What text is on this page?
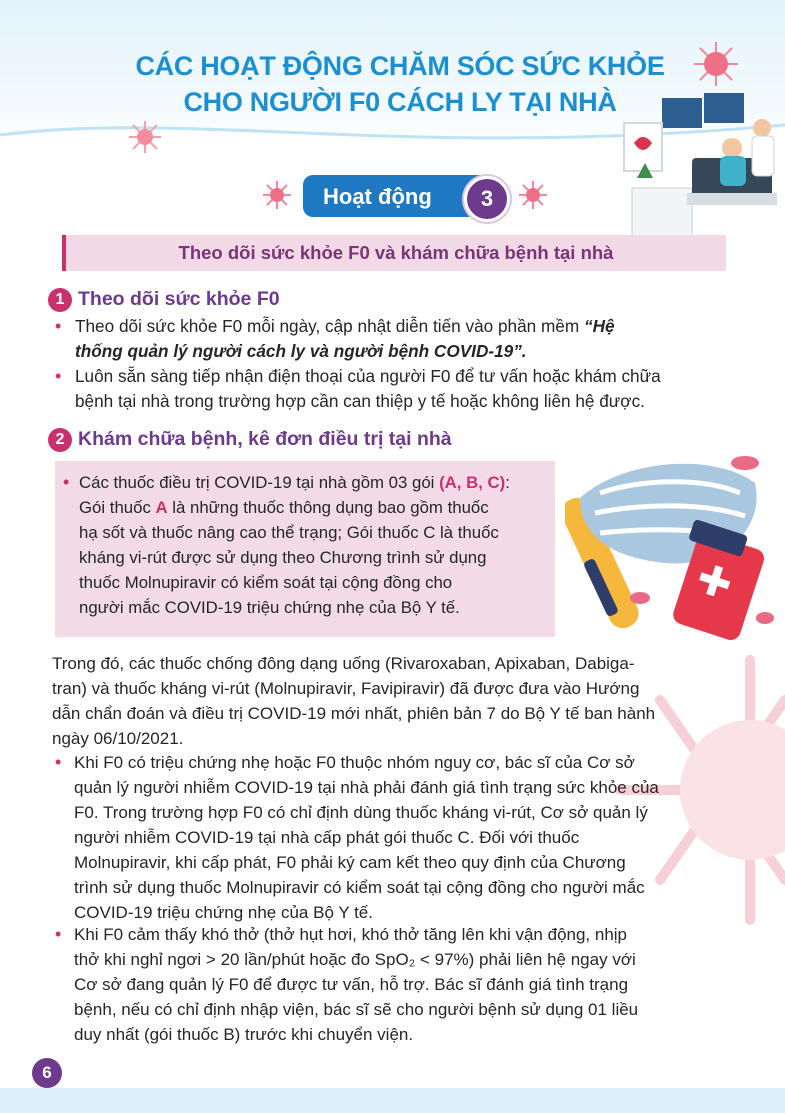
CÁC HOẠT ĐỘNG CHĂM SÓC SỨC KHỎE
CHO NGƯỜI F0 CÁCH LY TẠI NHÀ
Hoạt động	3
Theo dõi sức khỏe F0 và khám chữa bệnh tại nhà
1 Theo dõi sức khỏe F0
• Theo dõi sức khỏe F0 mỗi ngày, cập nhật diễn tiến vào phần mềm “Hệ
thống quản lý người cách ly và người bệnh COVID-19”.
• Luôn sẵn sàng tiếp nhận điện thoại của người F0 để tư vấn hoặc khám chữa
bệnh tại nhà trong trường hợp cần can thiệp y tế hoặc không liên hệ được.
2 Khám chữa bệnh, kê đơn điều trị tại nhà
• Các thuốc điều trị COVID-19 tại nhà gồm 03 gói (A, B, C):
Gói thuốc A là những thuốc thông dụng bao gồm thuốc
hạ sốt và thuốc nâng cao thể trạng; Gói thuốc C là thuốc
kháng vi-rút được sử dụng theo Chương trình sử dụng
thuốc Molnupiravir có kiểm soát tại cộng đồng cho
người mắc COVID-19 triệu chứng nhẹ của Bộ Y tế.
Trong đó, các thuốc chống đông dạng uống (Rivaroxaban, Apixaban, Dabiga-
tran) và thuốc kháng vi-rút (Molnupiravir, Favipiravir) đã được đưa vào Hướng
dẫn chẩn đoán và điều trị COVID-19 mới nhất, phiên bản 7 do Bộ Y tế ban hành
ngày 06/10/2021.
• Khi F0 có triệu chứng nhẹ hoặc F0 thuộc nhóm nguy cơ, bác sĩ của Cơ sở
quản lý người nhiễm COVID-19 tại nhà phải đánh giá tình trạng sức khỏe của
F0. Trong trường hợp F0 có chỉ định dùng thuốc kháng vi-rút, Cơ sở quản lý
người nhiễm COVID-19 tại nhà cấp phát gói thuốc C. Đối với thuốc
Molnupiravir, khi cấp phát, F0 phải ký cam kết theo quy định của Chương
trình sử dụng thuốc Molnupiravir có kiểm soát tại cộng đồng cho người mắc
COVID-19 triệu chứng nhẹ của Bộ Y tế.
• Khi F0 cảm thấy khó thở (thở hụt hơi, khó thở tăng lên khi vận động, nhịp
thở khi nghỉ ngơi > 20 lần/phút hoặc đo SpO₂ < 97%) phải liên hệ ngay với
Cơ sở đang quản lý F0 để được tư vấn, hỗ trợ. Bác sĩ đánh giá tình trạng
bệnh, nếu có chỉ định nhập viện, bác sĩ sẽ cho người bệnh sử dụng 01 liều
duy nhất (gói thuốc B) trước khi chuyển viện.
6
